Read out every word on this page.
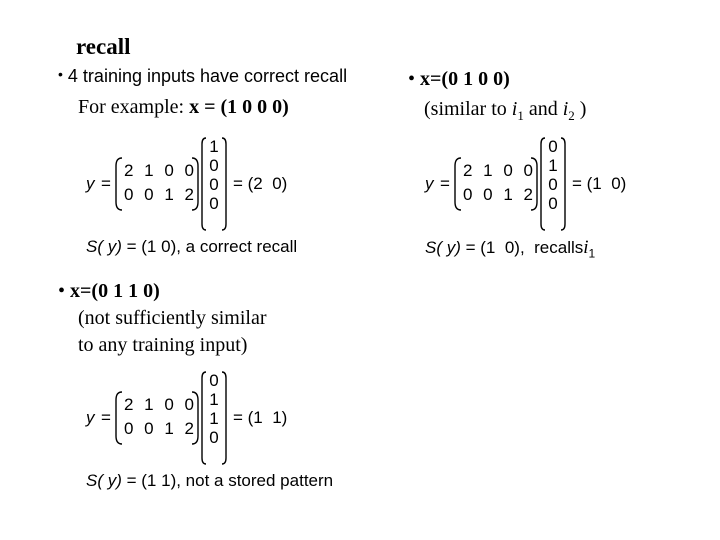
recall
• 4 training inputs have correct recall
For example: x = (1 0 0 0)
y =
2 1 0 0
0 0 1 2
1
0
0
0
= (2  0)
S( y) = (1 0), a correct recall
• x=(0 1 1 0)
(not sufficiently similar
to any training input)
y =
2 1 0 0
0 0 1 2
0
1
1
0
= (1  1)
S( y) = (1 1), not a stored pattern
• x=(0 1 0 0)
(similar to $i_1$ and $i_2$ )
y =
2 1 0 0
0 0 1 2
0
1
0
0
= (1  0)
S( y) = (1  0),  recallsi$_1$
